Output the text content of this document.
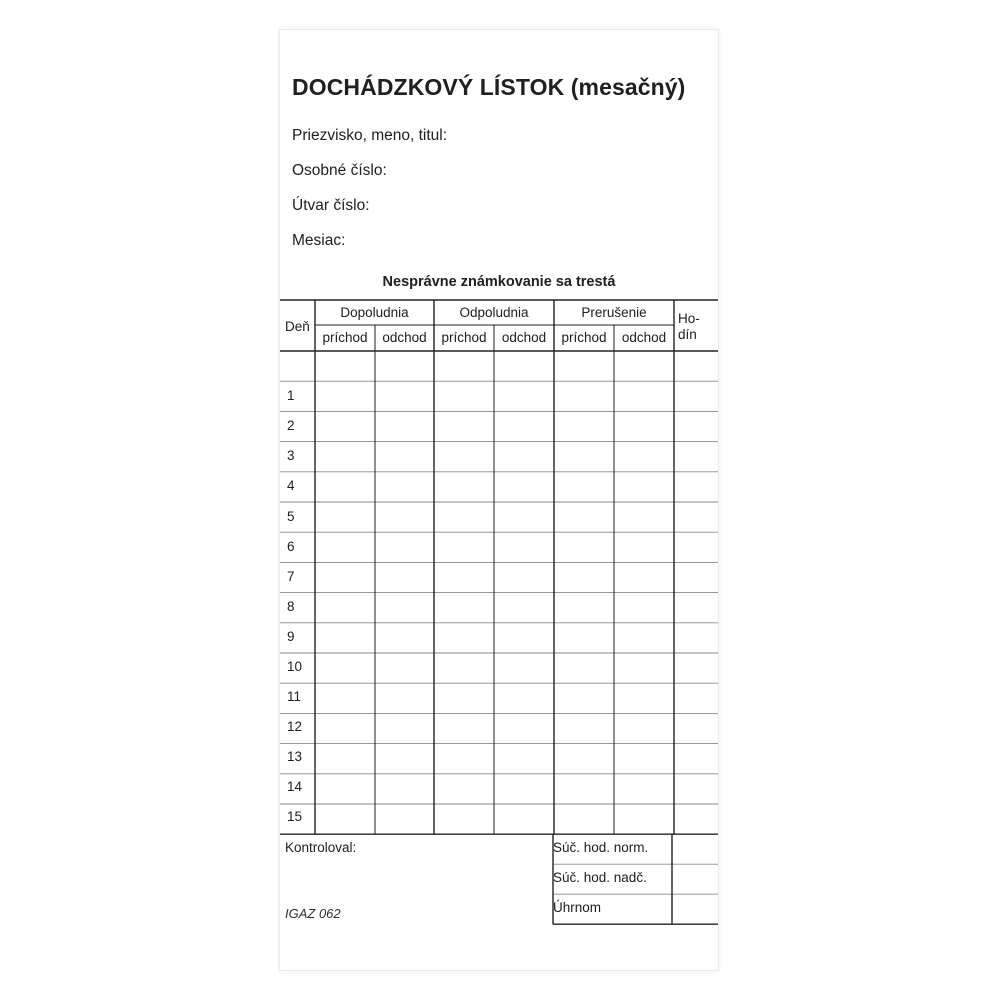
DOCHÁDZKOVÝ LÍSTOK (mesačný)
Priezvisko, meno, titul:
Osobné číslo:
Útvar číslo:
Mesiac:
Nesprávne známkovanie sa trestá
Deň
Dopoludnia	Odpoludnia	Prerušenie	Ho-
dín
príchod	odchod	príchod	odchod	príchod	odchod
1
2
3
4
5
6
7
8
9
10
11
12
13
14
15
Kontroloval:	Súč. hod. norm.
Súč. hod. nadč.
Úhrnom
IGAZ 062
